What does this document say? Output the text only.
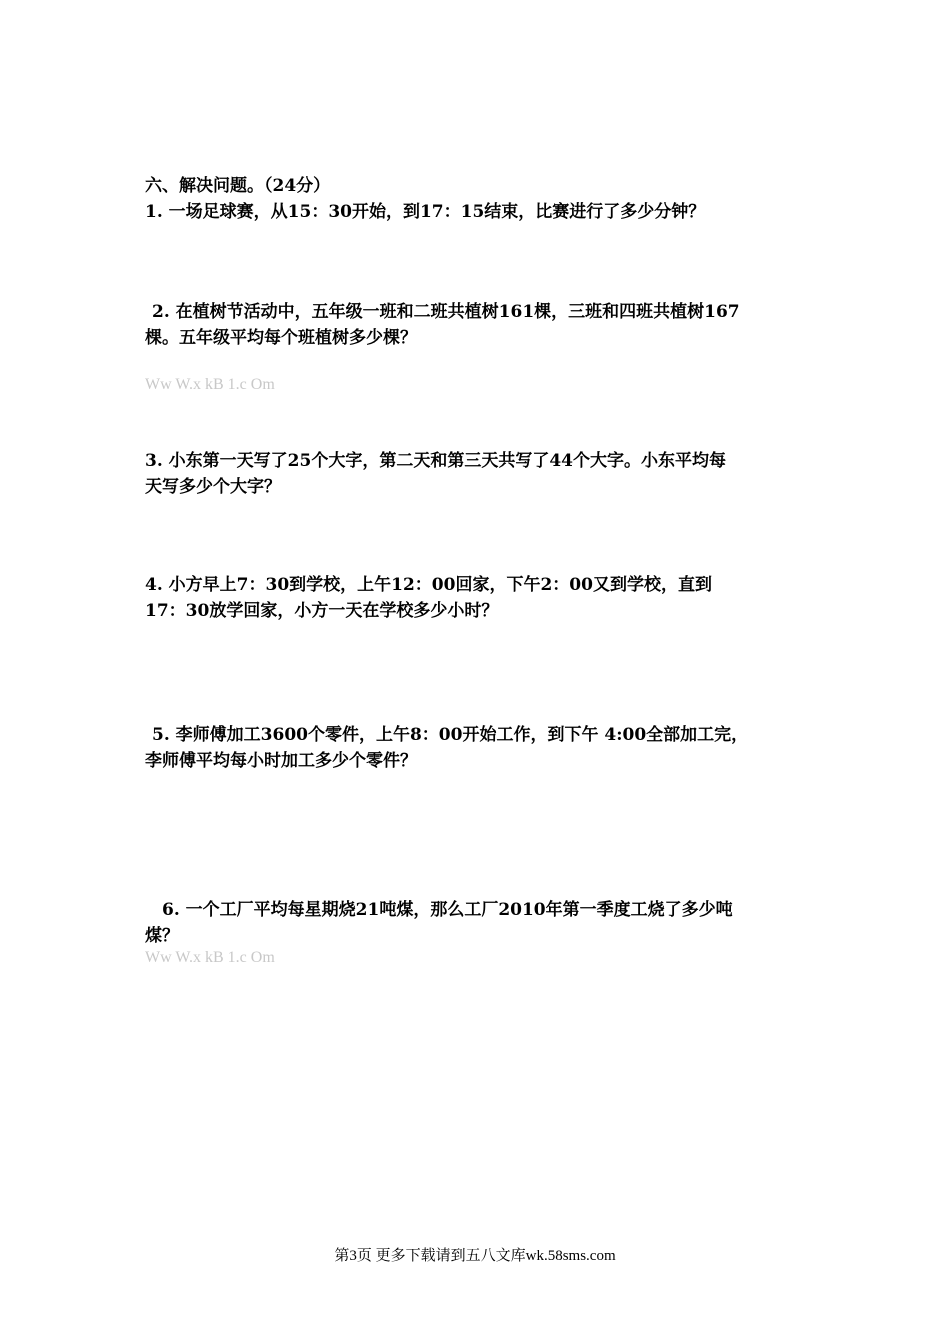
六、解决问题。（24分）
1. 一场足球赛，从15：30开始，到17：15结束，比赛进行了多少分钟？
2. 在植树节活动中，五年级一班和二班共植树161棵，三班和四班共植树167
棵。五年级平均每个班植树多少棵？
Ww W.x kB 1.c Om
3. 小东第一天写了25个大字，第二天和第三天共写了44个大字。小东平均每
天写多少个大字？
4. 小方早上7：30到学校，上午12：00回家，下午2：00又到学校，直到
17：30放学回家，小方一天在学校多少小时？
5. 李师傅加工3600个零件，上午8：00开始工作，到下午 4:00全部加工完，
李师傅平均每小时加工多少个零件？
6. 一个工厂平均每星期烧21吨煤，那么工厂2010年第一季度工烧了多少吨
煤？
Ww W.x kB 1.c Om
第3页 更多下载请到五八文库wk.58sms.com
